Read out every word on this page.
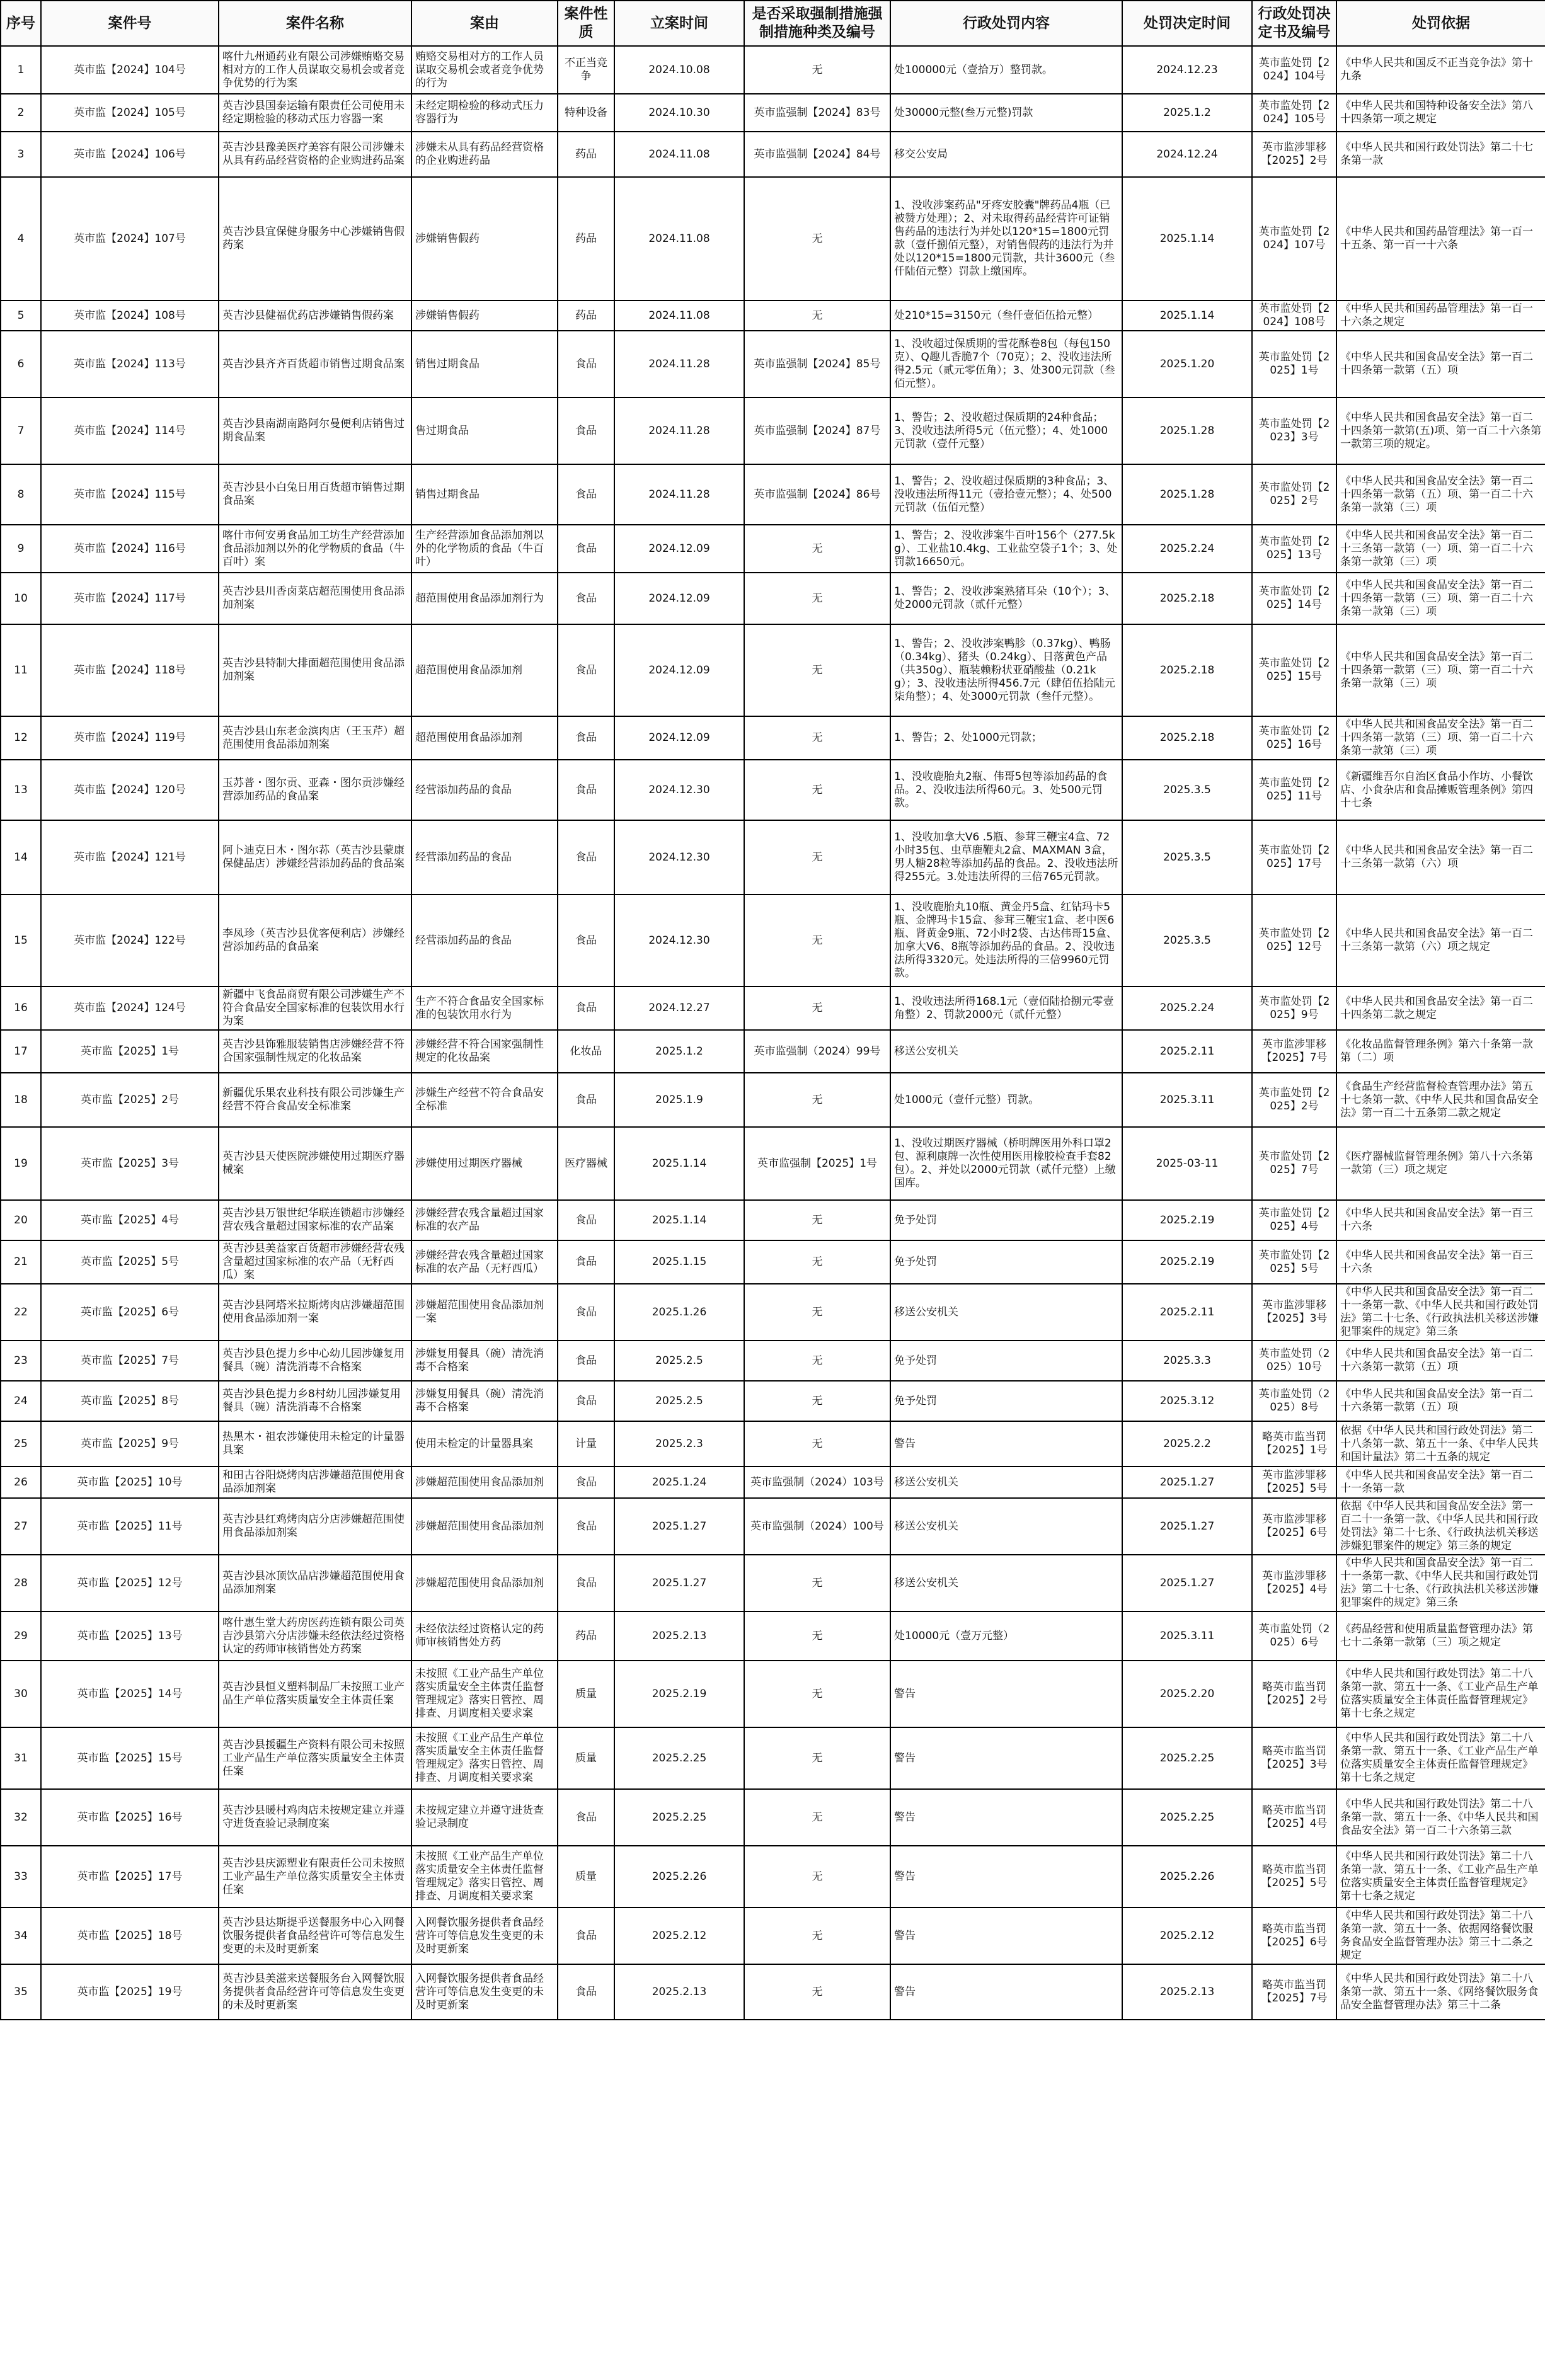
序号	案件号	案件名称	案由	案件性质	立案时间	是否采取强制措施强制措施种类及编号	行政处罚内容	处罚决定时间	行政处罚决定书及编号	处罚依据
1	英市监【2024】104号	喀什九州通药业有限公司涉嫌贿赂交易相对方的工作人员谋取交易机会或者竞争优势的行为案	贿赂交易相对方的工作人员谋取交易机会或者竞争优势的行为	不正当竞争	2024.10.08	无	处100000元（壹拾万）整罚款。	2024.12.23	英市监处罚【2024】104号	《中华人民共和国反不正当竞争法》第十九条
2	英市监【2024】105号	英吉沙县国泰运输有限责任公司使用未经定期检验的移动式压力容器一案	未经定期检验的移动式压力容器行为	特种设备	2024.10.30	英市监强制【2024】83号	处30000元整(叁万元整)罚款	2025.1.2	英市监处罚【2024】105号	《中华人民共和国特种设备安全法》第八十四条第一项之规定
3	英市监【2024】106号	英吉沙县豫美医疗美容有限公司涉嫌未从具有药品经营资格的企业购进药品案	涉嫌未从具有药品经营资格的企业购进药品	药品	2024.11.08	英市监强制【2024】84号	移交公安局	2024.12.24	英市监涉罪移【2025】2号	《中华人民共和国行政处罚法》第二十七条第一款
4	英市监【2024】107号	英吉沙县宜保健身服务中心涉嫌销售假药案	涉嫌销售假药	药品	2024.11.08	无	1、没收涉案药品"牙疼安胶囊"牌药品4瓶（已被赞方处理）；2、对未取得药品经营许可证销售药品的违法行为并处以120*15=1800元罚款（壹仟捌佰元整），对销售假药的违法行为并处以120*15=1800元罚款，共计3600元（叁仟陆佰元整）罚款上缴国库。	2025.1.14	英市监处罚【2024】107号	《中华人民共和国药品管理法》第一百一十五条、第一百一十六条
5	英市监【2024】108号	英吉沙县健福优药店涉嫌销售假药案	涉嫌销售假药	药品	2024.11.08	无	处210*15=3150元（叁仟壹佰伍拾元整）	2025.1.14	英市监处罚【2024】108号	《中华人民共和国药品管理法》第一百一十六条之规定
6	英市监【2024】113号	英吉沙县齐齐百货超市销售过期食品案	销售过期食品	食品	2024.11.28	英市监强制【2024】85号	1、没收超过保质期的雪花酥卷8包（每包150克）、Q趣儿香脆7个（70克）；2、没收违法所得2.5元（贰元零伍角）；3、处300元罚款（叁佰元整）。	2025.1.20	英市监处罚【2025】1号	《中华人民共和国食品安全法》第一百二十四条第一款第（五）项
7	英市监【2024】114号	英吉沙县南湖南路阿尔曼便利店销售过期食品案	售过期食品	食品	2024.11.28	英市监强制【2024】87号	1、警告；2、没收超过保质期的24种食品；3、没收违法所得5元（伍元整）；4、处1000元罚款（壹仟元整）	2025.1.28	英市监处罚【2023】3号	《中华人民共和国食品安全法》第一百二十四条第一款第(五)项、第一百二十六条第一款第三项的规定。
8	英市监【2024】115号	英吉沙县小白兔日用百货超市销售过期食品案	销售过期食品	食品	2024.11.28	英市监强制【2024】86号	1、警告；2、没收超过保质期的3种食品；3、没收违法所得11元（壹拾壹元整）；4、处500元罚款（伍佰元整）	2025.1.28	英市监处罚【2025】2号	《中华人民共和国食品安全法》第一百二十四条第一款第（五）项、第一百二十六条第一款第（三）项
9	英市监【2024】116号	喀什市何安勇食品加工坊生产经营添加食品添加剂以外的化学物质的食品（牛百叶）案	生产经营添加食品添加剂以外的化学物质的食品（牛百叶）	食品	2024.12.09	无	1、警告；2、没收涉案牛百叶156个（277.5kg）、工业盐10.4kg、工业盐空袋子1个；3、处罚款16650元。	2025.2.24	英市监处罚【2025】13号	《中华人民共和国食品安全法》第一百二十三条第一款第（一）项、第一百二十六条第一款第（三）项
10	英市监【2024】117号	英吉沙县川香卤菜店超范围使用食品添加剂案	超范围使用食品添加剂行为	食品	2024.12.09	无	1、警告；2、没收涉案熟猪耳朵（10个）；3、处2000元罚款（贰仟元整）	2025.2.18	英市监处罚【2025】14号	《中华人民共和国食品安全法》第一百二十四条第一款第（三）项、第一百二十六条第一款第（三）项
11	英市监【2024】118号	英吉沙县特制大排面超范围使用食品添加剂案	超范围使用食品添加剂	食品	2024.12.09	无	1、警告；2、没收涉案鸭胗（0.37kg）、鸭肠（0.34kg）、猪头（0.24kg）、日落黄色产品（共350g）、瓶装赖粉状亚硝酸盐（0.21kg）；3、没收违法所得456.7元（肆佰伍拾陆元柒角整）；4、处3000元罚款（叁仟元整）。	2025.2.18	英市监处罚【2025】15号	《中华人民共和国食品安全法》第一百二十四条第一款第（三）项、第一百二十六条第一款第（三）项
12	英市监【2024】119号	英吉沙县山东老金滨肉店（王玉芹）超范围使用食品添加剂案	超范围使用食品添加剂	食品	2024.12.09	无	1、警告；2、处1000元罚款；	2025.2.18	英市监处罚【2025】16号	《中华人民共和国食品安全法》第一百二十四条第一款第（三）项、第一百二十六条第一款第（三）项
13	英市监【2024】120号	玉苏普・图尔贡、亚森・图尔贡涉嫌经营添加药品的食品案	经营添加药品的食品	食品	2024.12.30	无	1、没收鹿胎丸2瓶、伟哥5包等添加药品的食品。2、没收违法所得60元。3、处500元罚款。	2025.3.5	英市监处罚【2025】11号	《新疆维吾尔自治区食品小作坊、小餐饮店、小食杂店和食品摊贩管理条例》第四十七条
14	英市监【2024】121号	阿卜迪克日木・图尔荪（英吉沙县蒙康保健品店）涉嫌经营添加药品的食品案	经营添加药品的食品	食品	2024.12.30	无	1、没收加拿大V6 .5瓶、参茸三鞭宝4盒、72小时35包、虫草鹿鞭丸2盒、MAXMAN 3盒，男人糖28粒等添加药品的食品。2、没收违法所得255元。3.处违法所得的三倍765元罚款。	2025.3.5	英市监处罚【2025】17号	《中华人民共和国食品安全法》第一百二十三条第一款第（六）项
15	英市监【2024】122号	李凤珍（英吉沙县优客便利店）涉嫌经营添加药品的食品案	经营添加药品的食品	食品	2024.12.30	无	1、没收鹿胎丸10瓶、黄金丹5盒、红钻玛卡5瓶、金牌玛卡15盒、参茸三鞭宝1盒、老中医6瓶、肾黄金9瓶、72小时2袋、古达伟哥15盒、加拿大V6、8瓶等添加药品的食品。2、没收违法所得3320元。处违法所得的三倍9960元罚款。	2025.3.5	英市监处罚【2025】12号	《中华人民共和国食品安全法》第一百二十三条第一款第（六）项之规定
16	英市监【2024】124号	新疆中飞食品商贸有限公司涉嫌生产不符合食品安全国家标准的包装饮用水行为案	生产不符合食品安全国家标准的包装饮用水行为	食品	2024.12.27	无	1、没收违法所得168.1元（壹佰陆拾捌元零壹角整）2、罚款2000元（贰仟元整）	2025.2.24	英市监处罚【2025】9号	《中华人民共和国食品安全法》第一百二十四条第二款之规定
17	英市监【2025】1号	英吉沙县饰雅服装销售店涉嫌经营不符合国家强制性规定的化妆品案	涉嫌经营不符合国家强制性规定的化妆品案	化妆品	2025.1.2	英市监强制（2024）99号	移送公安机关	2025.2.11	英市监涉罪移【2025】7号	《化妆品监督管理条例》第六十条第一款第（二）项
18	英市监【2025】2号	新疆优乐果农业科技有限公司涉嫌生产经营不符合食品安全标准案	涉嫌生产经营不符合食品安全标准	食品	2025.1.9	无	处1000元（壹仟元整）罚款。	2025.3.11	英市监处罚【2025】2号	《食品生产经营监督检查管理办法》第五十七条第一款、《中华人民共和国食品安全法》第一百二十五条第二款之规定
19	英市监【2025】3号	英吉沙县天使医院涉嫌使用过期医疗器械案	涉嫌使用过期医疗器械	医疗器械	2025.1.14	英市监强制【2025】1号	1、没收过期医疗器械（桥明牌医用外科口罩2包、源利康牌一次性使用医用橡胶检查手套82包）。2、并处以2000元罚款（贰仟元整）上缴国库。	2025-03-11	英市监处罚【2025】7号	《医疗器械监督管理条例》第八十六条第一款第（三）项之规定
20	英市监【2025】4号	英吉沙县万银世纪华联连锁超市涉嫌经营农残含量超过国家标准的农产品案	涉嫌经营农残含量超过国家标准的农产品	食品	2025.1.14	无	免予处罚	2025.2.19	英市监处罚【2025】4号	《中华人民共和国食品安全法》第一百三十六条
21	英市监【2025】5号	英吉沙县美益家百货超市涉嫌经营农残含量超过国家标准的农产品（无籽西瓜）案	涉嫌经营农残含量超过国家标准的农产品（无籽西瓜）	食品	2025.1.15	无	免予处罚	2025.2.19	英市监处罚【2025】5号	《中华人民共和国食品安全法》第一百三十六条
22	英市监【2025】6号	英吉沙县阿塔米拉斯烤肉店涉嫌超范围使用食品添加剂一案	涉嫌超范围使用食品添加剂一案	食品	2025.1.26	无	移送公安机关	2025.2.11	英市监涉罪移【2025】3号	《中华人民共和国食品安全法》第一百二十一条第一款、《中华人民共和国行政处罚法》第二十七条、《行政执法机关移送涉嫌犯罪案件的规定》第三条
23	英市监【2025】7号	英吉沙县色提力乡中心幼儿园涉嫌复用餐具（碗）清洗消毒不合格案	涉嫌复用餐具（碗）清洗消毒不合格案	食品	2025.2.5	无	免予处罚	2025.3.3	英市监处罚（2025）10号	《中华人民共和国食品安全法》第一百二十六条第一款第（五）项
24	英市监【2025】8号	英吉沙县色提力乡8村幼儿园涉嫌复用餐具（碗）清洗消毒不合格案	涉嫌复用餐具（碗）清洗消毒不合格案	食品	2025.2.5	无	免予处罚	2025.3.12	英市监处罚（2025）8号	《中华人民共和国食品安全法》第一百二十六条第一款第（五）项
25	英市监【2025】9号	热黑木・祖农涉嫌使用未检定的计量器具案	使用未检定的计量器具案	计量	2025.2.3	无	警告	2025.2.2	略英市监当罚【2025】1号	依据《中华人民共和国行政处罚法》第二十八条第一款、第五十一条、《中华人民共和国计量法》第二十五条的规定
26	英市监【2025】10号	和田古谷阳烧烤肉店涉嫌超范围使用食品添加剂案	涉嫌超范围使用食品添加剂	食品	2025.1.24	英市监强制（2024）103号	移送公安机关	2025.1.27	英市监涉罪移【2025】5号	《中华人民共和国食品安全法》第一百二十一条第一款
27	英市监【2025】11号	英吉沙县红鸡烤肉店分店涉嫌超范围使用食品添加剂案	涉嫌超范围使用食品添加剂	食品	2025.1.27	英市监强制（2024）100号	移送公安机关	2025.1.27	英市监涉罪移【2025】6号	依据《中华人民共和国食品安全法》第一百二十一条第一款、《中华人民共和国行政处罚法》第二十七条、《行政执法机关移送涉嫌犯罪案件的规定》第三条的规定
28	英市监【2025】12号	英吉沙县冰顶饮品店涉嫌超范围使用食品添加剂案	涉嫌超范围使用食品添加剂	食品	2025.1.27	无	移送公安机关	2025.1.27	英市监涉罪移【2025】4号	《中华人民共和国食品安全法》第一百二十一条第一款、《中华人民共和国行政处罚法》第二十七条、《行政执法机关移送涉嫌犯罪案件的规定》第三条
29	英市监【2025】13号	喀什惠生堂大药房医药连锁有限公司英吉沙县第六分店涉嫌未经依法经过资格认定的药师审核销售处方药案	未经依法经过资格认定的药师审核销售处方药	药品	2025.2.13	无	处10000元（壹万元整）	2025.3.11	英市监处罚（2025）6号	《药品经营和使用质量监督管理办法》第七十二条第一款第（三）项之规定
30	英市监【2025】14号	英吉沙县恒义塑料制品厂未按照工业产品生产单位落实质量安全主体责任案	未按照《工业产品生产单位落实质量安全主体责任监督管理规定》落实日管控、周排查、月调度相关要求案	质量	2025.2.19	无	警告	2025.2.20	略英市监当罚【2025】2号	《中华人民共和国行政处罚法》第二十八条第一款、第五十一条、《工业产品生产单位落实质量安全主体责任监督管理规定》第十七条之规定
31	英市监【2025】15号	英吉沙县援疆生产资料有限公司未按照工业产品生产单位落实质量安全主体责任案	未按照《工业产品生产单位落实质量安全主体责任监督管理规定》落实日管控、周排查、月调度相关要求案	质量	2025.2.25	无	警告	2025.2.25	略英市监当罚【2025】3号	《中华人民共和国行政处罚法》第二十八条第一款、第五十一条、《工业产品生产单位落实质量安全主体责任监督管理规定》第十七条之规定
32	英市监【2025】16号	英吉沙县暖村鸡肉店未按规定建立并遵守进货查验记录制度案	未按规定建立并遵守进货查验记录制度	食品	2025.2.25	无	警告	2025.2.25	略英市监当罚【2025】4号	《中华人民共和国行政处罚法》第二十八条第一款、第五十一条、《中华人民共和国食品安全法》第一百二十六条第三款
33	英市监【2025】17号	英吉沙县庆源塑业有限责任公司未按照工业产品生产单位落实质量安全主体责任案	未按照《工业产品生产单位落实质量安全主体责任监督管理规定》落实日管控、周排查、月调度相关要求案	质量	2025.2.26	无	警告	2025.2.26	略英市监当罚【2025】5号	《中华人民共和国行政处罚法》第二十八条第一款、第五十一条、《工业产品生产单位落实质量安全主体责任监督管理规定》第十七条之规定
34	英市监【2025】18号	英吉沙县达斯提乎送餐服务中心入网餐饮服务提供者食品经营许可等信息发生变更的未及时更新案	入网餐饮服务提供者食品经营许可等信息发生变更的未及时更新案	食品	2025.2.12	无	警告	2025.2.12	略英市监当罚【2025】6号	《中华人民共和国行政处罚法》第二十八条第一款、第五十一条、依据网络餐饮服务食品安全监督管理办法》第三十二条之规定
35	英市监【2025】19号	英吉沙县美滋来送餐服务台入网餐饮服务提供者食品经营许可等信息发生变更的未及时更新案	入网餐饮服务提供者食品经营许可等信息发生变更的未及时更新案	食品	2025.2.13	无	警告	2025.2.13	略英市监当罚【2025】7号	《中华人民共和国行政处罚法》第二十八条第一款、第五十一条、《网络餐饮服务食品安全监督管理办法》第三十二条
